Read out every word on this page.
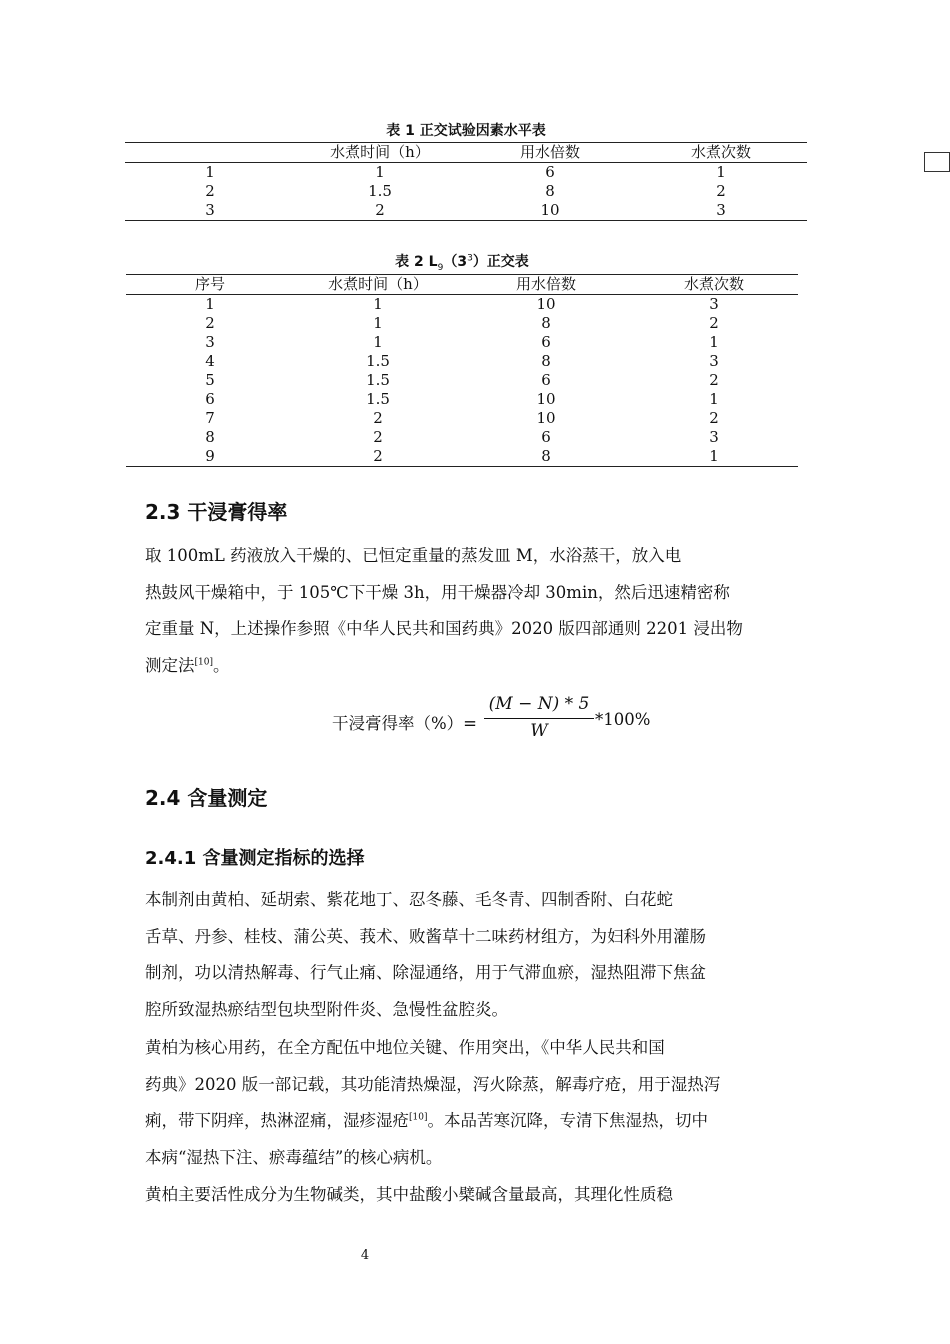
表 1 正交试验因素水平表
	水煮时间（h）	用水倍数	水煮次数
1	1	6	1
2	1.5	8	2
3	2	10	3
表 2 $L_9(3^3)$正交表
序号	水煮时间（h）	用水倍数	水煮次数
1	1	10	3
2	1	8	2
3	1	6	1
4	1.5	8	3
5	1.5	6	2
6	1.5	10	1
7	2	10	2
8	2	6	3
9	2	8	1
2.3 干浸膏得率
取 100mL 药液放入干燥的、已恒定重量的蒸发皿 M，水浴蒸干，放入电
热鼓风干燥箱中，于 105℃下干燥 3h，用干燥器冷却 30min，然后迅速精密称
定重量 N，上述操作参照《中华人民共和国药典》2020 版四部通则 2201 浸出物
测定法[10]。
干浸膏得率（%）=
(M − N) * 5
W
*100%
2.4 含量测定
2.4.1 含量测定指标的选择
本制剂由黄柏、延胡索、紫花地丁、忍冬藤、毛冬青、四制香附、白花蛇
舌草、丹参、桂枝、蒲公英、莪术、败酱草十二味药材组方，为妇科外用灌肠
制剂，功以清热解毒、行气止痛、除湿通络，用于气滞血瘀，湿热阻滞下焦盆
腔所致湿热瘀结型包块型附件炎、急慢性盆腔炎。
黄柏为核心用药，在全方配伍中地位关键、作用突出，《中华人民共和国
药典》2020 版一部记载，其功能清热燥湿，泻火除蒸，解毒疗疮，用于湿热泻
痢，带下阴痒，热淋涩痛，湿疹湿疮[10]。本品苦寒沉降，专清下焦湿热，切中
本病“湿热下注、瘀毒蕴结”的核心病机。
黄柏主要活性成分为生物碱类，其中盐酸小檗碱含量最高，其理化性质稳
4
